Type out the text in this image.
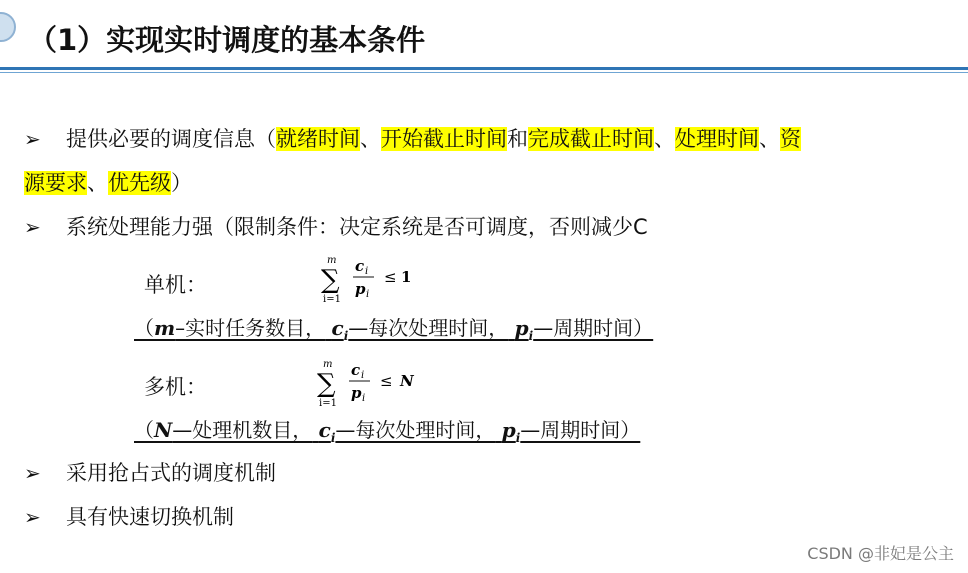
（1）实现实时调度的基本条件
➢ 提供必要的调度信息（就绪时间、开始截止时间和完成截止时间、处理时间、资
源要求、优先级）
➢ 系统处理能力强（限制条件：决定系统是否可调度，否则减少C
单机：
m
∑
i=1
c i
p i
≤ 1
（m–实时任务数目， $c_i—$每次处理时间， $p_i—$周期时间）
多机：
m
∑
i=1
c i
p i
≤ N
（N—处理机数目， $c_i—$每次处理时间， $p_i—$周期时间）
➢ 采用抢占式的调度机制
➢ 具有快速切换机制
CSDN @非妃是公主
